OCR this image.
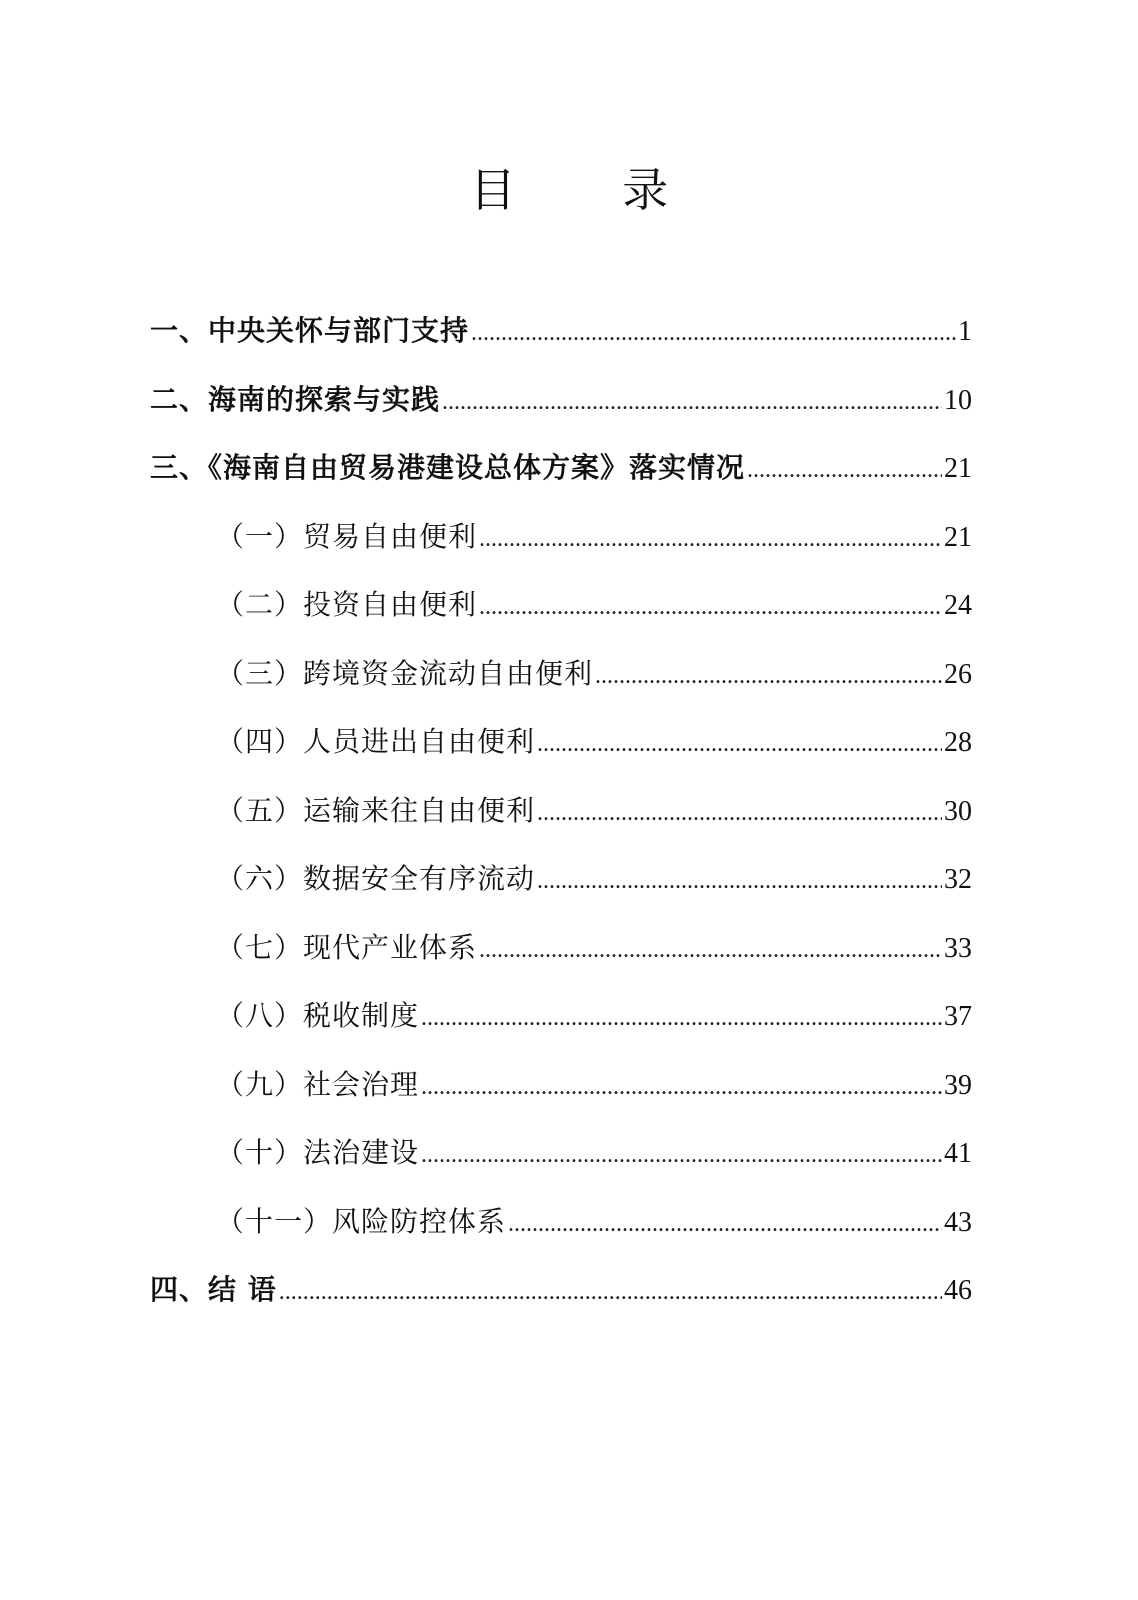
目 录
一、中央关怀与部门支持 .....	1
二、海南的探索与实践 .....	10
三、《海南自由贸易港建设总体方案》落实情况 .....	21
（一）贸易自由便利 .....	21
（二）投资自由便利 .....	24
（三）跨境资金流动自由便利 .....	26
（四）人员进出自由便利 .....	28
（五）运输来往自由便利 .....	30
（六）数据安全有序流动 .....	32
（七）现代产业体系 .....	33
（八）税收制度 .....	37
（九）社会治理 .....	39
（十）法治建设 .....	41
（十一）风险防控体系 .....	43
四、结 语 .....	46
